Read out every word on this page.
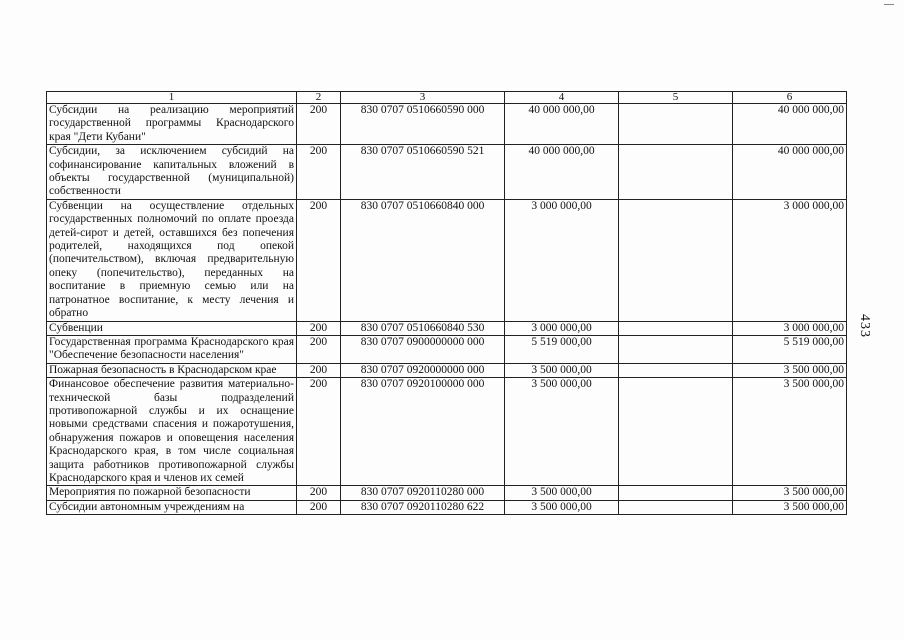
1	2	3	4	5	6
Субсидии на реализацию мероприятий государственной программы Краснодарского края "Дети Кубани"	200	830 0707 0510660590 000	40 000 000,00		40 000 000,00
Субсидии, за исключением субсидий на софинансирование капитальных вложений в объекты государственной (муниципальной) собственности	200	830 0707 0510660590 521	40 000 000,00		40 000 000,00
Субвенции на осуществление отдельных государственных полномочий по оплате проезда детей-сирот и детей, оставшихся без попечения родителей, находящихся под опекой (попечительством), включая предварительную опеку (попечительство), переданных на воспитание в приемную семью или на патронатное воспитание, к месту лечения и обратно	200	830 0707 0510660840 000	3 000 000,00		3 000 000,00
Субвенции	200	830 0707 0510660840 530	3 000 000,00		3 000 000,00
Государственная программа Краснодарского края "Обеспечение безопасности населения"	200	830 0707 0900000000 000	5 519 000,00		5 519 000,00
Пожарная безопасность в Краснодарском крае	200	830 0707 0920000000 000	3 500 000,00		3 500 000,00
Финансовое обеспечение развития материально-технической базы подразделений противопожарной службы и их оснащение новыми средствами спасения и пожаротушения, обнаружения пожаров и оповещения населения Краснодарского края, в том числе социальная защита работников противопожарной службы Краснодарского края и членов их семей	200	830 0707 0920100000 000	3 500 000,00		3 500 000,00
Мероприятия по пожарной безопасности	200	830 0707 0920110280 000	3 500 000,00		3 500 000,00
Субсидии автономным учреждениям на	200	830 0707 0920110280 622	3 500 000,00		3 500 000,00
433
